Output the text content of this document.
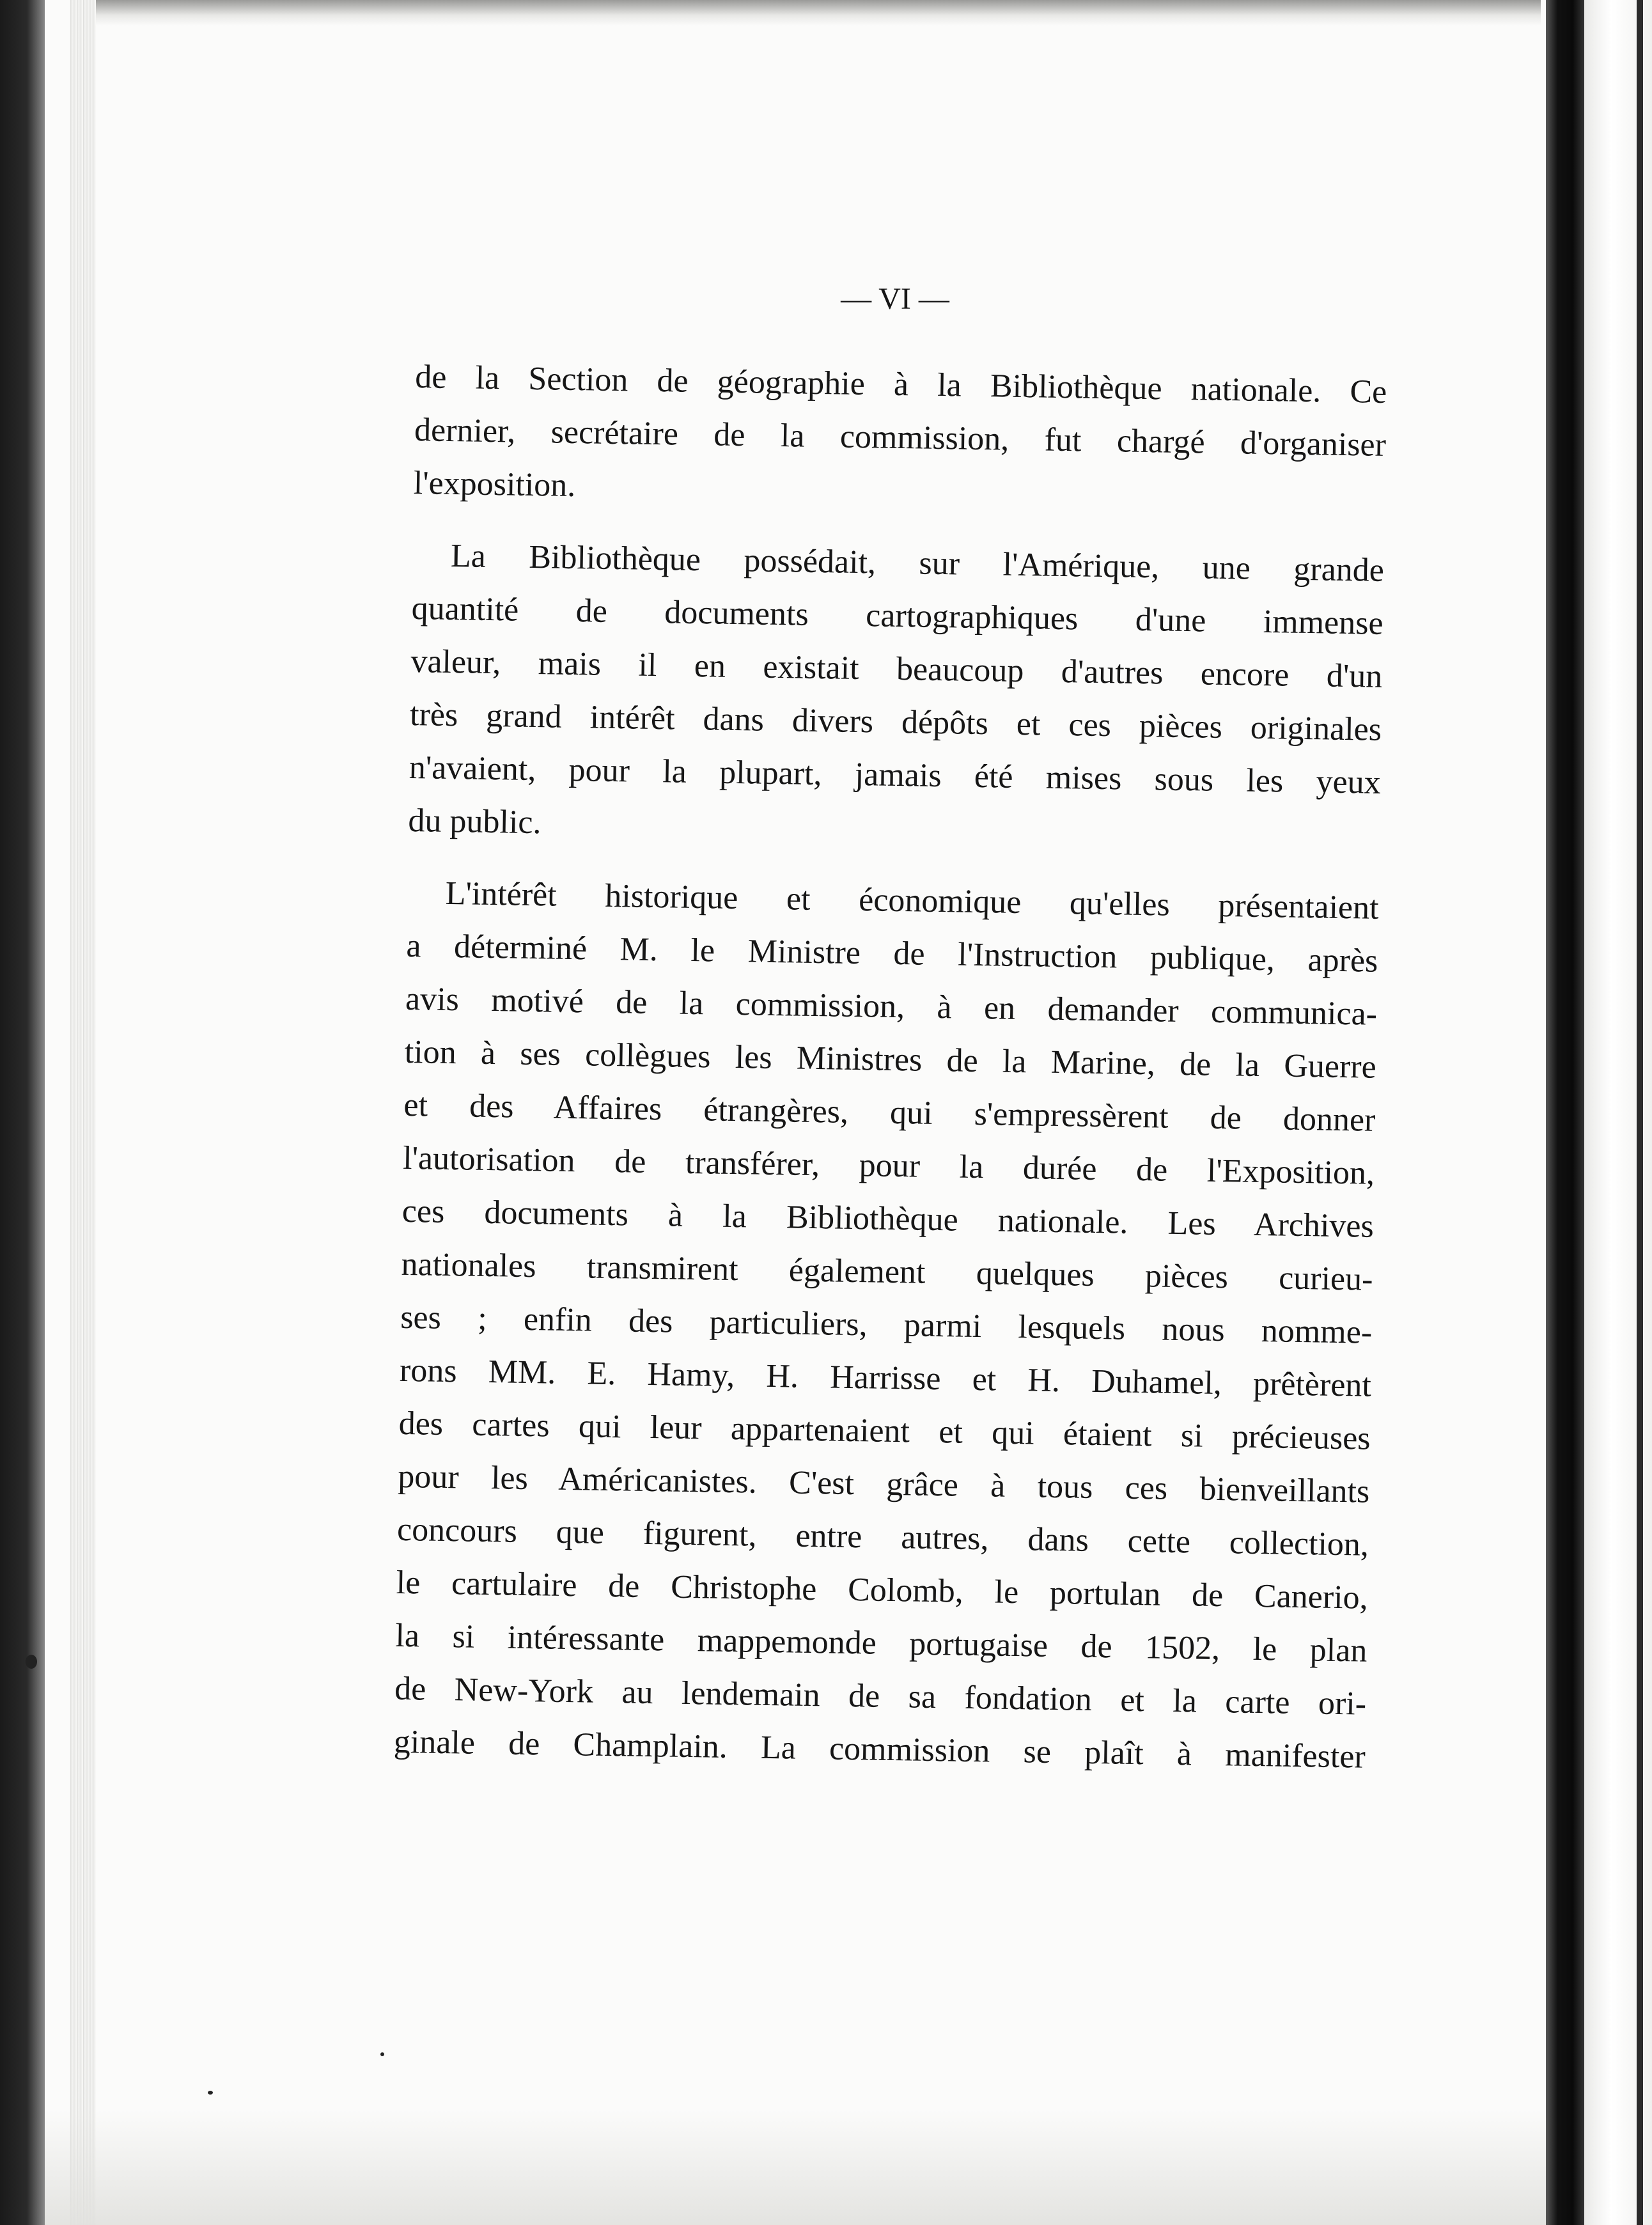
— VI —
de la Section de géographie à la Bibliothèque nationale. Ce
dernier, secrétaire de la commission, fut chargé d'organiser
l'exposition.
La Bibliothèque possédait, sur l'Amérique, une grande
quantité de documents cartographiques d'une immense
valeur, mais il en existait beaucoup d'autres encore d'un
très grand intérêt dans divers dépôts et ces pièces originales
n'avaient, pour la plupart, jamais été mises sous les yeux
du public.
L'intérêt historique et économique qu'elles présentaient
a déterminé M. le Ministre de l'Instruction publique, après
avis motivé de la commission, à en demander communica-
tion à ses collègues les Ministres de la Marine, de la Guerre
et des Affaires étrangères, qui s'empressèrent de donner
l'autorisation de transférer, pour la durée de l'Exposition,
ces documents à la Bibliothèque nationale. Les Archives
nationales transmirent également quelques pièces curieu-
ses ; enfin des particuliers, parmi lesquels nous nomme-
rons MM. E. Hamy, H. Harrisse et H. Duhamel, prêtèrent
des cartes qui leur appartenaient et qui étaient si précieuses
pour les Américanistes. C'est grâce à tous ces bienveillants
concours que figurent, entre autres, dans cette collection,
le cartulaire de Christophe Colomb, le portulan de Canerio,
la si intéressante mappemonde portugaise de 1502, le plan
de New-York au lendemain de sa fondation et la carte ori-
ginale de Champlain. La commission se plaît à manifester
